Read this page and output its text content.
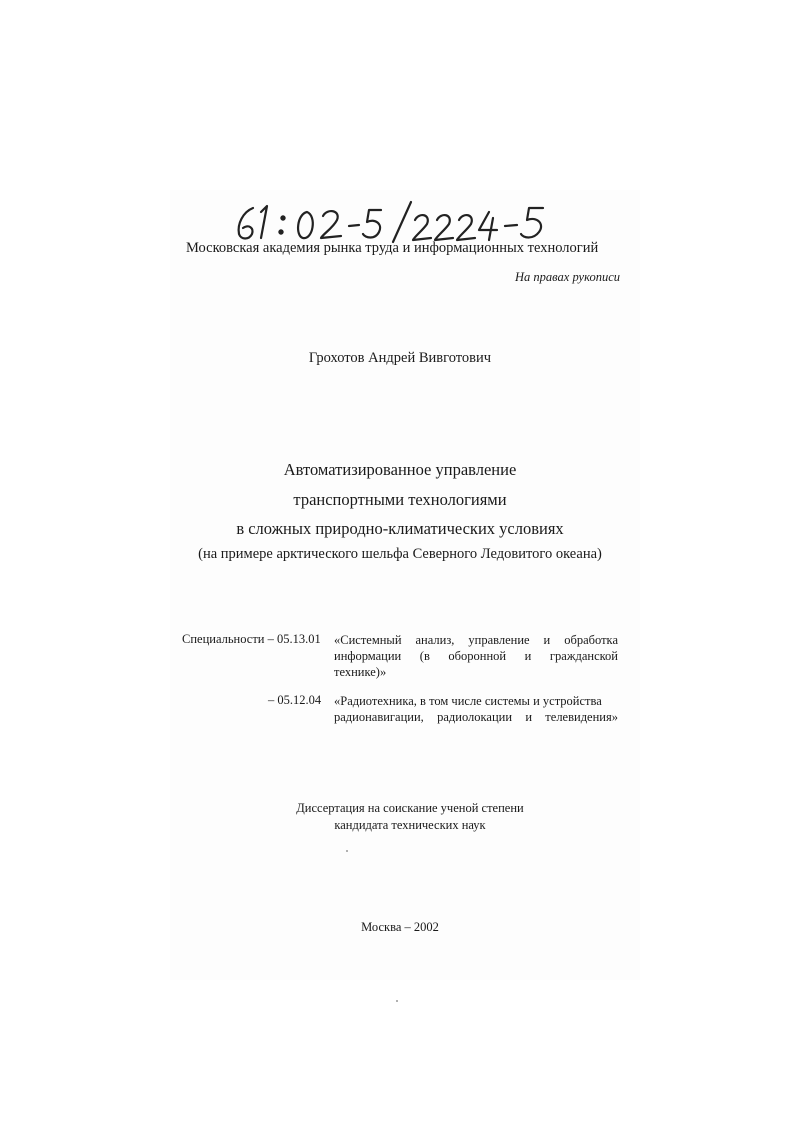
Московская академия рынка труда и информационных технологий
На правах рукописи
Грохотов Андрей Вивготович
Автоматизированное управление
транспортными технологиями
в сложных природно-климатических условиях
(на примере арктического шельфа Северного Ледовитого океана)
Специальности – 05.13.01 «Системный анализ, управление и обработка
информации (в оборонной и гражданской
технике)»
– 05.12.04 «Радиотехника, в том числе системы и устройства
радионавигации, радиолокации и телевидения»
Диссертация на соискание ученой степени
кандидата технических наук
Москва – 2002
